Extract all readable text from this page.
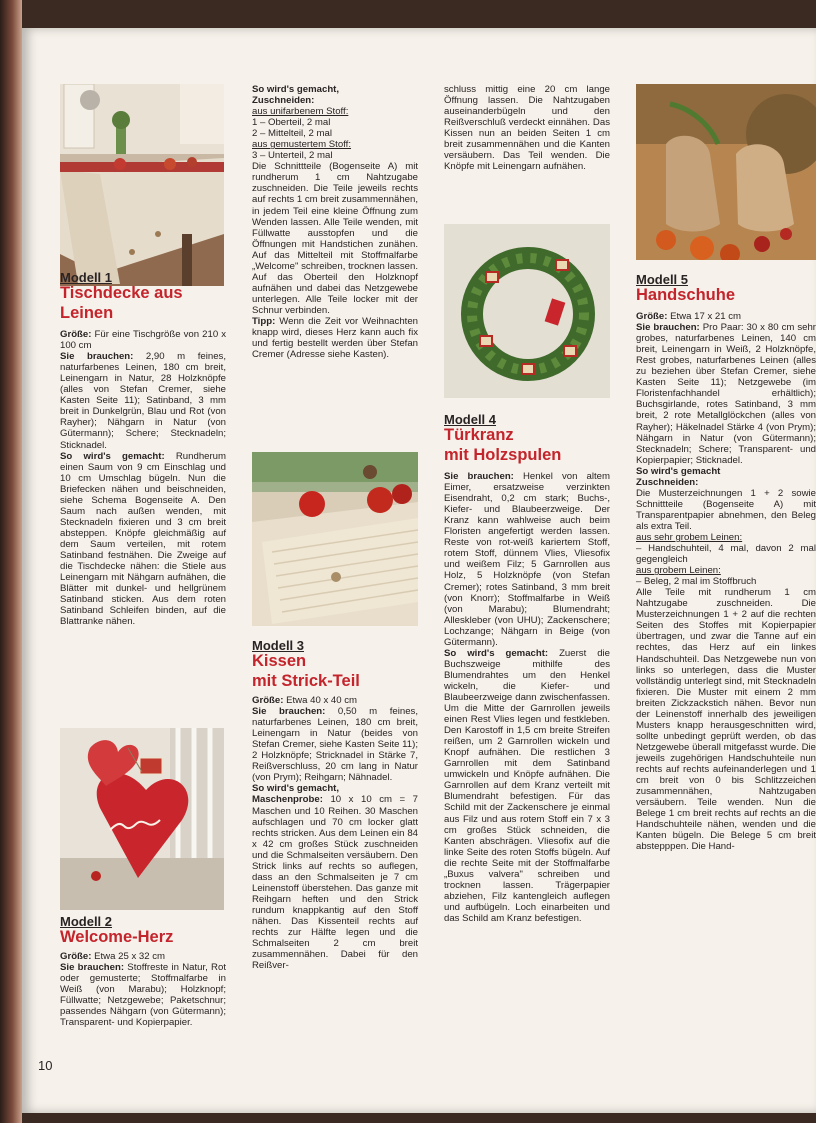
Modell 1

Tischdecke aus
Leinen

Größe: Für eine Tischgröße von 210 x 100 cm

Sie brauchen: 2,90 m feines, naturfarbenes Leinen, 180 cm breit, Leinengarn in Natur, 28 Holzknöpfe (alles von Stefan Cremer, siehe Kasten Seite 11); Satinband, 3 mm breit in Dunkelgrün, Blau und Rot (von Rayher); Nähgarn in Natur (von Gütermann); Schere; Stecknadeln; Sticknadel.

So wird's gemacht: Rundherum einen Saum von 9 cm Einschlag und 10 cm Umschlag bügeln. Nun die Briefecken nähen und beischneiden, siehe Schema Bogenseite A. Den Saum nach außen wenden, mit Stecknadeln fixieren und 3 cm breit absteppen. Knöpfe gleichmäßig auf dem Saum verteilen, mit rotem Satinband festnähen. Die Zweige auf die Tischdecke nähen: die Stiele aus Leinengarn mit Nähgarn aufnähen, die Blätter mit dunkel- und hellgrünem Satinband sticken. Aus dem roten Satinband Schleifen binden, auf die Blattranke nähen.

Modell 2

Welcome-Herz

Größe: Etwa 25 x 32 cm

Sie brauchen: Stoffreste in Natur, Rot oder gemusterte; Stoffmalfarbe in Weiß (von Marabu); Holzknopf; Füllwatte; Netzgewebe; Paketschnur; passendes Nähgarn (von Gütermann); Transparent- und Kopierpapier.

So wird's gemacht,

Zuschneiden:

aus unifarbenem Stoff:

1 – Oberteil, 2 mal

2 – Mittelteil, 2 mal

aus gemustertem Stoff:

3 – Unterteil, 2 mal

Die Schnittteile (Bogenseite A) mit rundherum 1 cm Nahtzugabe zuschneiden. Die Teile jeweils rechts auf rechts 1 cm breit zusammennähen, in jedem Teil eine kleine Öffnung zum Wenden lassen. Alle Teile wenden, mit Füllwatte ausstopfen und die Öffnungen mit Handstichen zunähen. Auf das Mittelteil mit Stoffmalfarbe „Welcome" schreiben, trocknen lassen. Auf das Oberteil den Holzknopf aufnähen und dabei das Netzgewebe unterlegen. Alle Teile locker mit der Schnur verbinden.

Tipp: Wenn die Zeit vor Weihnachten knapp wird, dieses Herz kann auch fix und fertig bestellt werden über Stefan Cremer (Adresse siehe Kasten).

Modell 3

Kissen
mit Strick-Teil

Größe: Etwa 40 x 40 cm

Sie brauchen: 0,50 m feines, naturfarbenes Leinen, 180 cm breit, Leinengarn in Natur (beides von Stefan Cremer, siehe Kasten Seite 11); 2 Holzknöpfe; Stricknadel in Stärke 7, Reißverschluss, 20 cm lang in Natur (von Prym); Reihgarn; Nähnadel.

So wird's gemacht,

Maschenprobe: 10 x 10 cm = 7 Maschen und 10 Reihen. 30 Maschen aufschlagen und 70 cm locker glatt rechts stricken. Aus dem Leinen ein 84 x 42 cm großes Stück zuschneiden und die Schmalseiten versäubern. Den Strick links auf rechts so auflegen, dass an den Schmalseiten je 7 cm Leinenstoff überstehen. Das ganze mit Reihgarn heften und den Strick rundum knappkantig auf den Stoff nähen. Das Kissenteil rechts auf rechts zur Hälfte legen und die Schmalseiten 2 cm breit zusammennähen. Dabei für den Reißver-

schluss mittig eine 20 cm lange Öffnung lassen. Die Nahtzugaben auseinanderbügeln und den Reißverschluß verdeckt einnähen. Das Kissen nun an beiden Seiten 1 cm breit zusammennähen und die Kanten versäubern. Das Teil wenden. Die Knöpfe mit Leinengarn aufnähen.

Modell 4

Türkranz
mit Holzspulen

Sie brauchen: Henkel von altem Eimer, ersatzweise verzinkten Eisendraht, 0,2 cm stark; Buchs-, Kiefer- und Blaubeerzweige. Der Kranz kann wahlweise auch beim Floristen angefertigt werden lassen. Reste von rot-weiß kariertem Stoff, rotem Stoff, dünnem Vlies, Vliesofix und weißem Filz; 5 Garnrollen aus Holz, 5 Holzknöpfe (von Stefan Cremer); rotes Satinband, 3 mm breit (von Knorr); Stoffmalfarbe in Weiß (von Marabu); Blumendraht; Alleskleber (von UHU); Zackenschere; Lochzange; Nähgarn in Beige (von Gütermann).

So wird's gemacht: Zuerst die Buchszweige mithilfe des Blumendrahtes um den Henkel wickeln, die Kiefer- und Blaubeerzweige dann zwischenfassen. Um die Mitte der Garnrollen jeweils einen Rest Vlies legen und festkleben. Den Karostoff in 1,5 cm breite Streifen reißen, um 2 Garnrollen wickeln und Knopf aufnähen. Die restlichen 3 Garnrollen mit dem Satinband umwickeln und Knöpfe aufnähen. Die Garnrollen auf dem Kranz verteilt mit Blumendraht befestigen. Für das Schild mit der Zackenschere je einmal aus Filz und aus rotem Stoff ein 7 x 3 cm großes Stück schneiden, die Kanten abschrägen. Vliesofix auf die linke Seite des roten Stoffs bügeln. Auf die rechte Seite mit der Stoffmalfarbe „Buxus valvera" schreiben und trocknen lassen. Trägerpapier abziehen, Filz kantengleich auflegen und aufbügeln. Loch einarbeiten und das Schild am Kranz befestigen.

Modell 5

Handschuhe

Größe: Etwa 17 x 21 cm

Sie brauchen: Pro Paar: 30 x 80 cm sehr grobes, naturfarbenes Leinen, 140 cm breit, Leinengarn in Weiß, 2 Holzknöpfe, Rest grobes, naturfarbenes Leinen (alles zu beziehen über Stefan Cremer, siehe Kasten Seite 11); Netzgewebe (im Floristenfachhandel erhältlich); Buchsgirlande, rotes Satinband, 3 mm breit, 2 rote Metallglöckchen (alles von Rayher); Häkelnadel Stärke 4 (von Prym); Nähgarn in Natur (von Gütermann); Stecknadeln; Schere; Transparent- und Kopierpapier; Sticknadel.

So wird's gemacht

Zuschneiden:

Die Musterzeichnungen 1 + 2 sowie Schnittteile (Bogenseite A) mit Transparentpapier abnehmen, den Beleg als extra Teil.

aus sehr grobem Leinen:

– Handschuhteil, 4 mal, davon 2 mal gegengleich

aus grobem Leinen:

– Beleg, 2 mal im Stoffbruch

Alle Teile mit rundherum 1 cm Nahtzugabe zuschneiden. Die Musterzeichnungen 1 + 2 auf die rechten Seiten des Stoffes mit Kopierpapier übertragen, und zwar die Tanne auf ein rechtes, das Herz auf ein linkes Handschuhteil. Das Netzgewebe nun von links so unterlegen, dass die Muster vollständig unterlegt sind, mit Stecknadeln fixieren. Die Muster mit einem 2 mm breiten Zickzackstich nähen. Bevor nun der Leinenstoff innerhalb des jeweiligen Musters knapp herausgeschnitten wird, sollte unbedingt geprüft werden, ob das Netzgewebe überall mitgefasst wurde. Die jeweils zugehörigen Handschuhteile nun rechts auf rechts aufeinanderlegen und 1 cm breit von 0 bis Schlitzzeichen zusammennähen, Nahtzugaben versäubern. Teile wenden. Nun die Belege 1 cm breit rechts auf rechts an die Handschuhteile nähen, wenden und die Kanten bügeln. Die Belege 5 cm breit abstepppen. Die Hand-

10
